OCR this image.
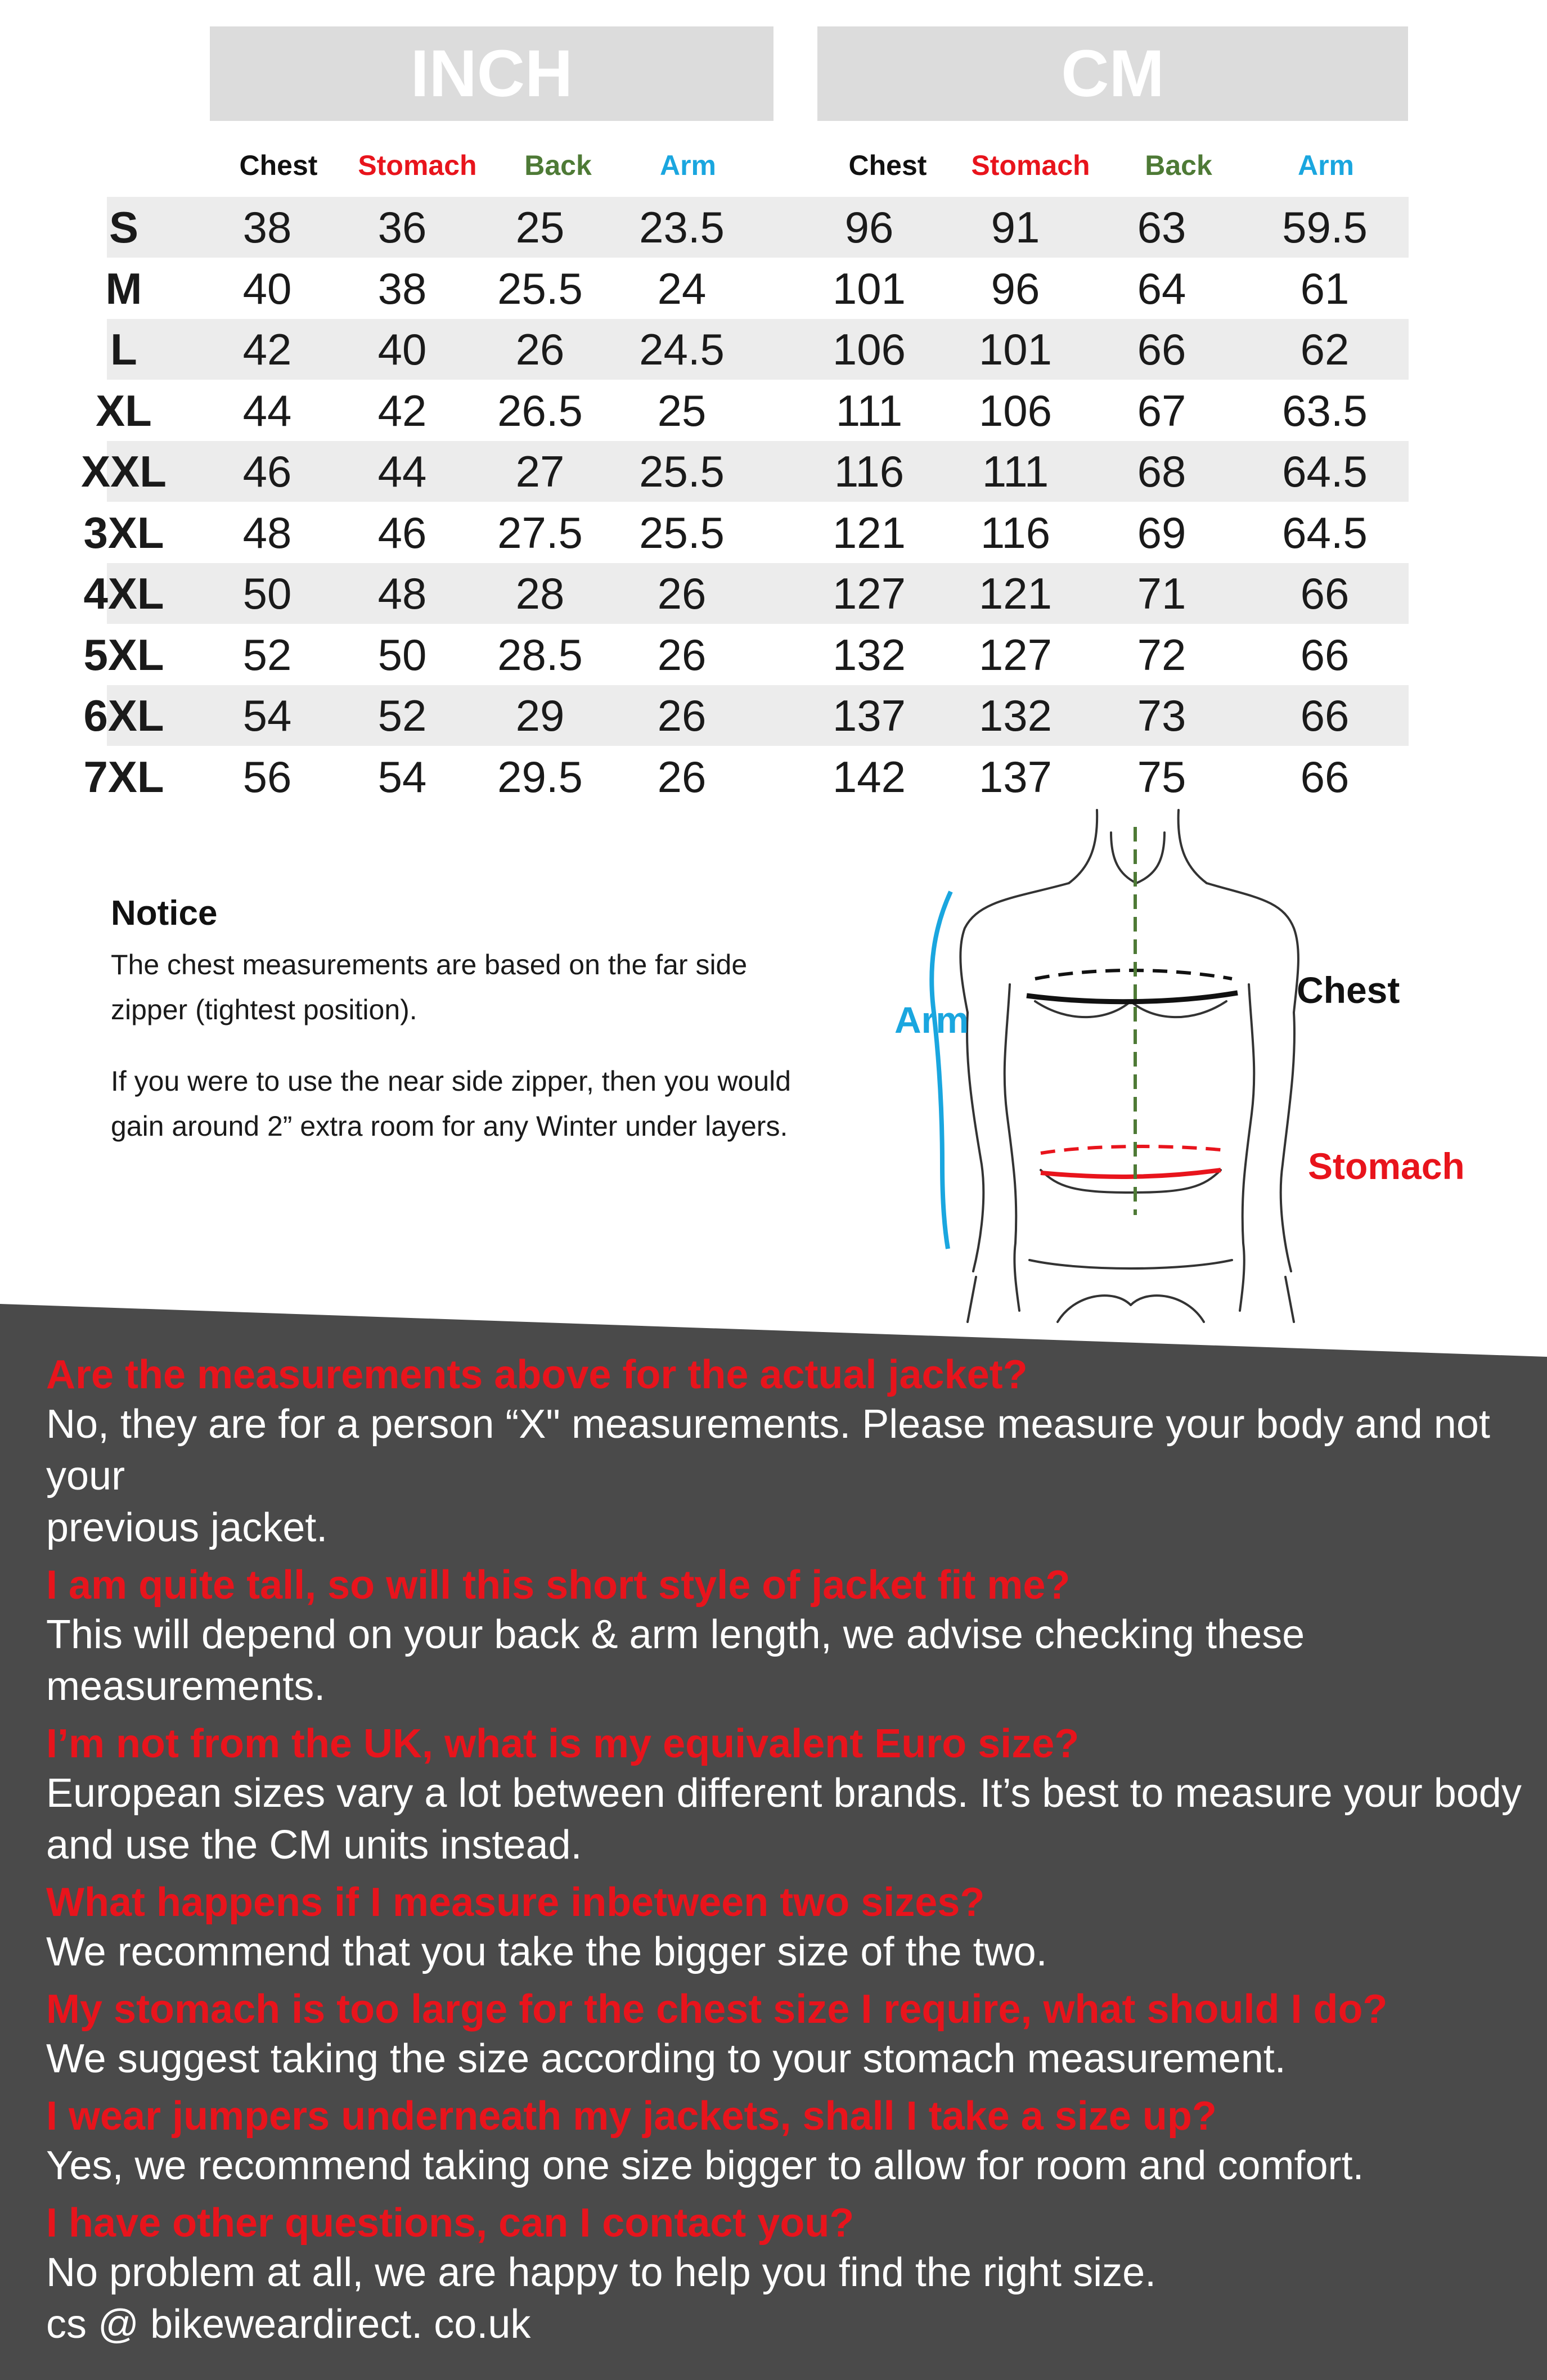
INCH	CM
Chest	Stomach	Back	Arm	Chest	Stomach	Back	Arm
S	38	36	25	23.5	96	91	63	59.5
M	40	38	25.5	24	101	96	64	61
L	42	40	26	24.5	106	101	66	62
XL	44	42	26.5	25	111	106	67	63.5
XXL	46	44	27	25.5	116	111	68	64.5
3XL	48	46	27.5	25.5	121	116	69	64.5
4XL	50	48	28	26	127	121	71	66
5XL	52	50	28.5	26	132	127	72	66
6XL	54	52	29	26	137	132	73	66
7XL	56	54	29.5	26	142	137	75	66
Notice
The chest measurements are based on the far side
zipper (tightest position).
If you were to use the near side zipper, then you would
gain around 2” extra room for any Winter under layers.
Arm
Chest
Stomach

Are the measurements above for the actual jacket?

No, they are for a person “X" measurements. Please measure your body and not your
previous jacket.

I am quite tall, so will this short style of jacket fit me?

This will depend on your back & arm length, we advise checking these measurements.

I’m not from the UK, what is my equivalent Euro size?

European sizes vary a lot between different brands. It’s best to measure your body
and use the CM units instead.

What happens if I measure inbetween two sizes?

We recommend that you take the bigger size of the two.

My stomach is too large for the chest size I require, what should I do?

We suggest taking the size according to your stomach measurement.

I wear jumpers underneath my jackets, shall I take a size up?

Yes, we recommend taking one size bigger to allow for room and comfort.

I have other questions, can I contact you?

No problem at all, we are happy to help you find the right size.
cs @ bikeweardirect. co.uk
